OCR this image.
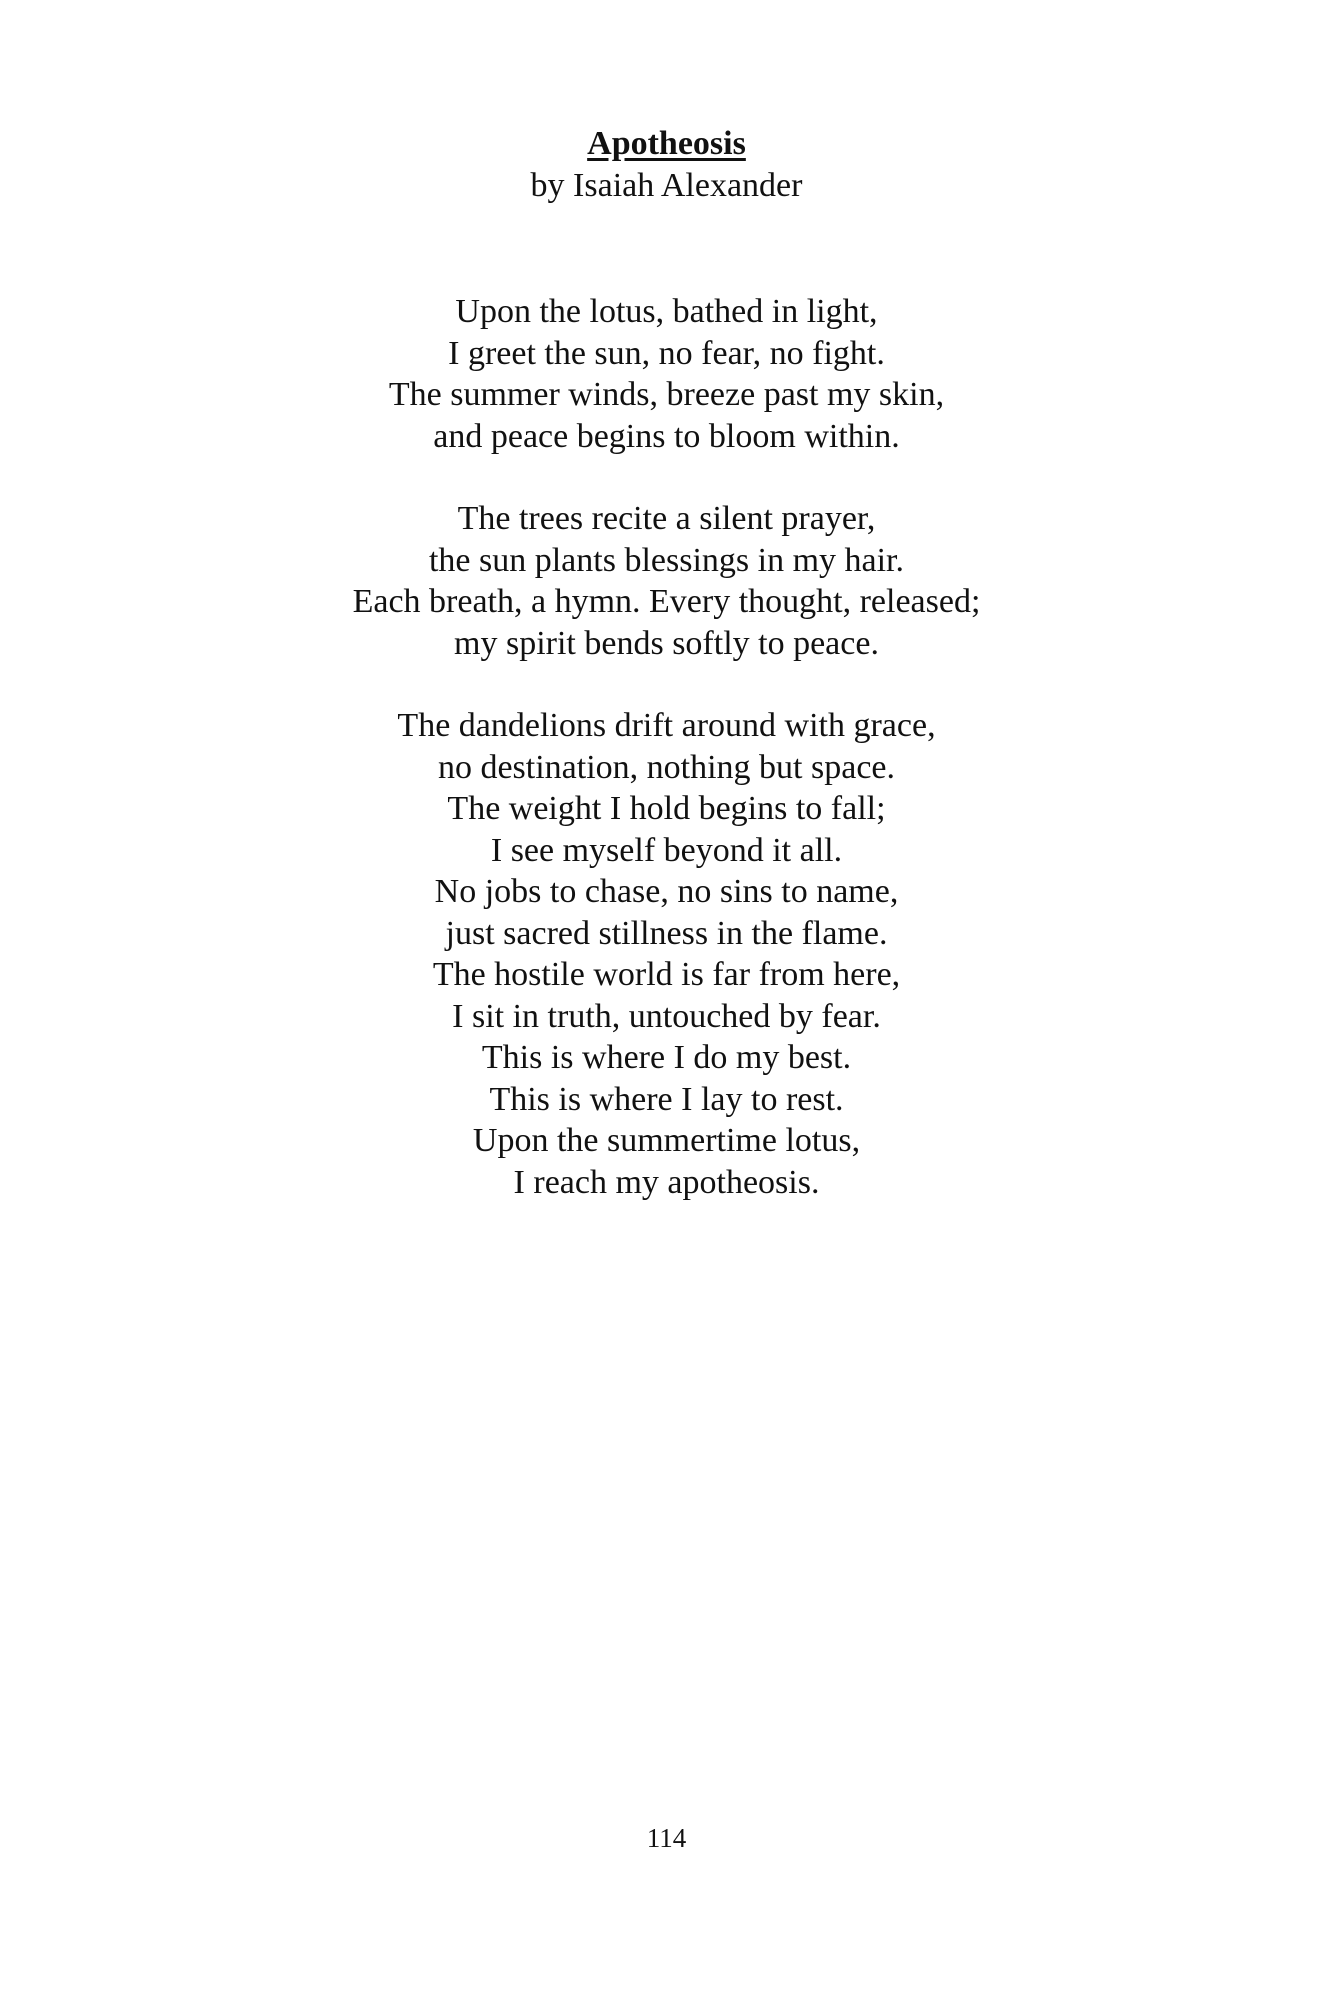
Apotheosis
by Isaiah Alexander
Upon the lotus, bathed in light,
I greet the sun, no fear, no fight.
The summer winds, breeze past my skin,
and peace begins to bloom within.
The trees recite a silent prayer,
the sun plants blessings in my hair.
Each breath, a hymn. Every thought, released;
my spirit bends softly to peace.
The dandelions drift around with grace,
no destination, nothing but space.
The weight I hold begins to fall;
I see myself beyond it all.
No jobs to chase, no sins to name,
just sacred stillness in the flame.
The hostile world is far from here,
I sit in truth, untouched by fear.
This is where I do my best.
This is where I lay to rest.
Upon the summertime lotus,
I reach my apotheosis.
114
